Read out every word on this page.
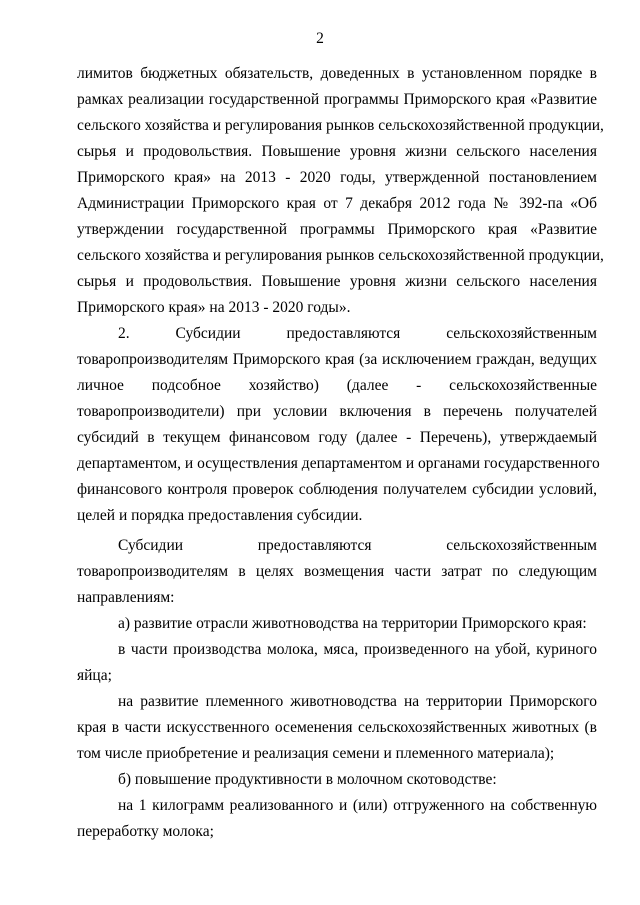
2
лимитов бюджетных обязательств, доведенных в установленном порядке в
рамках реализации государственной программы Приморского края «Развитие
сельского хозяйства и регулирования рынков сельскохозяйственной продукции,
сырья и продовольствия. Повышение уровня жизни сельского населения
Приморского края» на 2013 - 2020 годы, утвержденной постановлением
Администрации Приморского края от 7 декабря 2012 года № 392-па «Об
утверждении государственной программы Приморского края «Развитие
сельского хозяйства и регулирования рынков сельскохозяйственной продукции,
сырья и продовольствия. Повышение уровня жизни сельского населения
Приморского края» на 2013 - 2020 годы».
2. Субсидии предоставляются сельскохозяйственным
товаропроизводителям Приморского края (за исключением граждан, ведущих
личное подсобное хозяйство) (далее - сельскохозяйственные
товаропроизводители) при условии включения в перечень получателей
субсидий в текущем финансовом году (далее - Перечень), утверждаемый
департаментом, и осуществления департаментом и органами государственного
финансового контроля проверок соблюдения получателем субсидии условий,
целей и порядка предоставления субсидии.
Субсидии предоставляются сельскохозяйственным
товаропроизводителям в целях возмещения части затрат по следующим
направлениям:
а) развитие отрасли животноводства на территории Приморского края:
в части производства молока, мяса, произведенного на убой, куриного
яйца;
на развитие племенного животноводства на территории Приморского
края в части искусственного осеменения сельскохозяйственных животных (в
том числе приобретение и реализация семени и племенного материала);
б) повышение продуктивности в молочном скотоводстве:
на 1 килограмм реализованного и (или) отгруженного на собственную
переработку молока;
